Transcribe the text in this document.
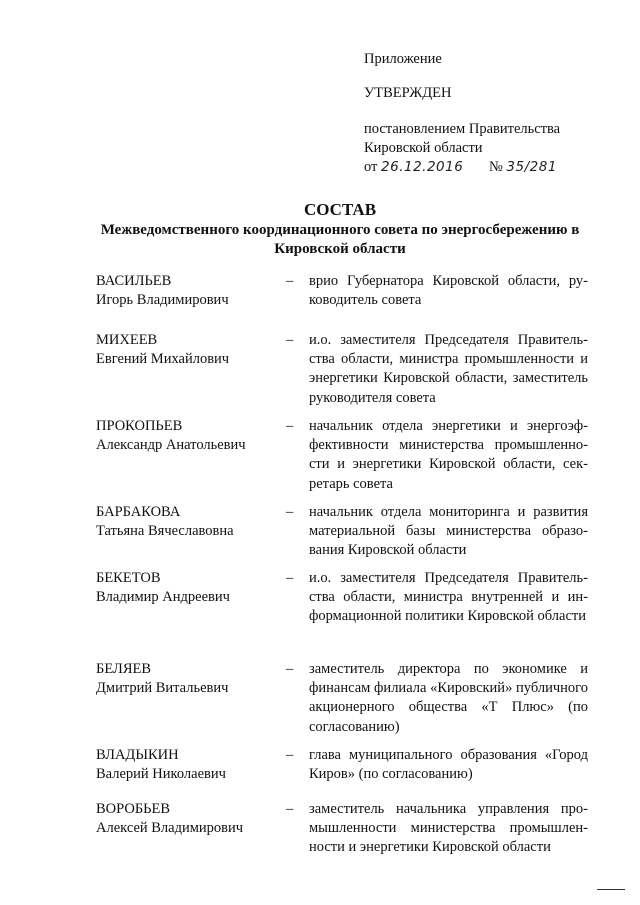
Приложение
УТВЕРЖДЕН
постановлением Правительства
Кировской области
от 26.12.2016 № 35/281
СОСТАВ
Межведомственного координационного совета по энергосбережению в Кировской области
ВАСИЛЬЕВ
Игорь Владимирович
– врио Губернатора Кировской области, руководитель совета
МИХЕЕВ
Евгений Михайлович
– и.о. заместителя Председателя Правительства области, министра промышленности и энергетики Кировской области, заместитель руководителя совета
ПРОКОПЬЕВ
Александр Анатольевич
– начальник отдела энергетики и энергоэффективности министерства промышленности и энергетики Кировской области, секретарь совета
БАРБАКОВА
Татьяна Вячеславовна
– начальник отдела мониторинга и развития материальной базы министерства образования Кировской области
БЕКЕТОВ
Владимир Андреевич
– и.о. заместителя Председателя Правительства области, министра внутренней и информационной политики Кировской области
БЕЛЯЕВ
Дмитрий Витальевич
– заместитель директора по экономике и финансам филиала «Кировский» публичного акционерного общества «Т Плюс» (по согласованию)
ВЛАДЫКИН
Валерий Николаевич
– глава муниципального образования «Город Киров» (по согласованию)
ВОРОБЬЕВ
Алексей Владимирович
– заместитель начальника управления промышленности министерства промышленности и энергетики Кировской области
